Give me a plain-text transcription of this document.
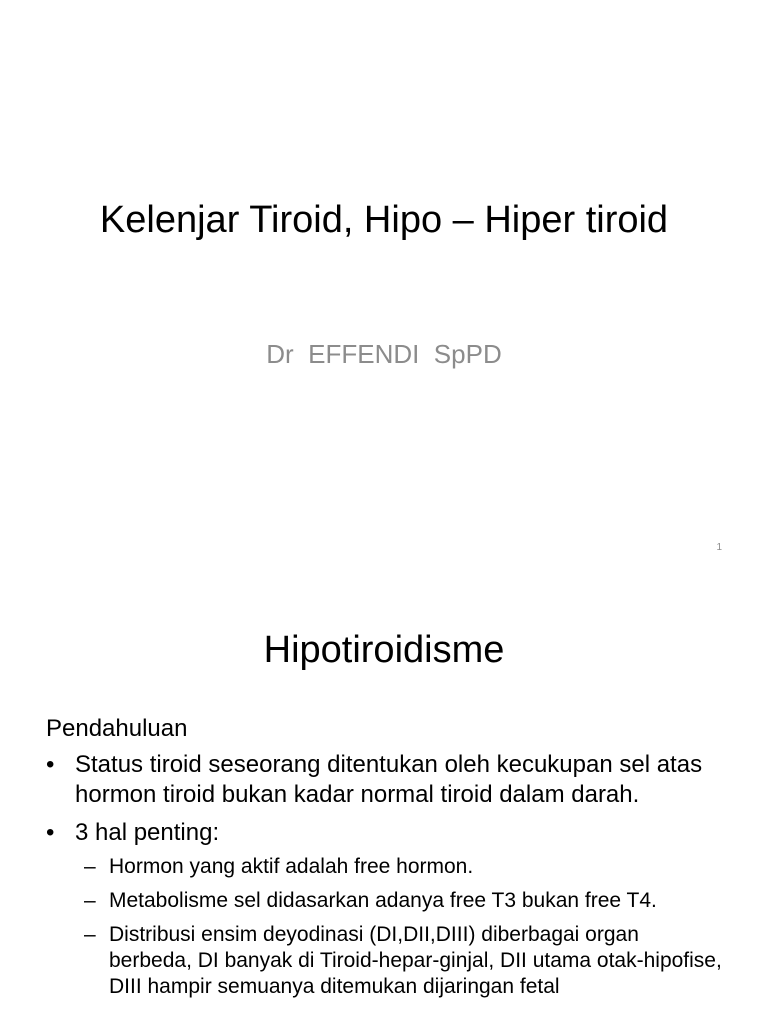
Kelenjar Tiroid, Hipo – Hiper tiroid
Dr  EFFENDI  SpPD
1
Hipotiroidisme
Pendahuluan
• Status tiroid seseorang ditentukan oleh kecukupan sel atas hormon tiroid bukan kadar normal tiroid dalam darah.
• 3 hal penting:
– Hormon yang aktif adalah free hormon.
– Metabolisme sel didasarkan adanya free T3 bukan free T4.
– Distribusi ensim deyodinasi (DI,DII,DIII) diberbagai organ berbeda, DI banyak di Tiroid-hepar-ginjal, DII utama otak-hipofise, DIII hampir semuanya ditemukan dijaringan fetal
